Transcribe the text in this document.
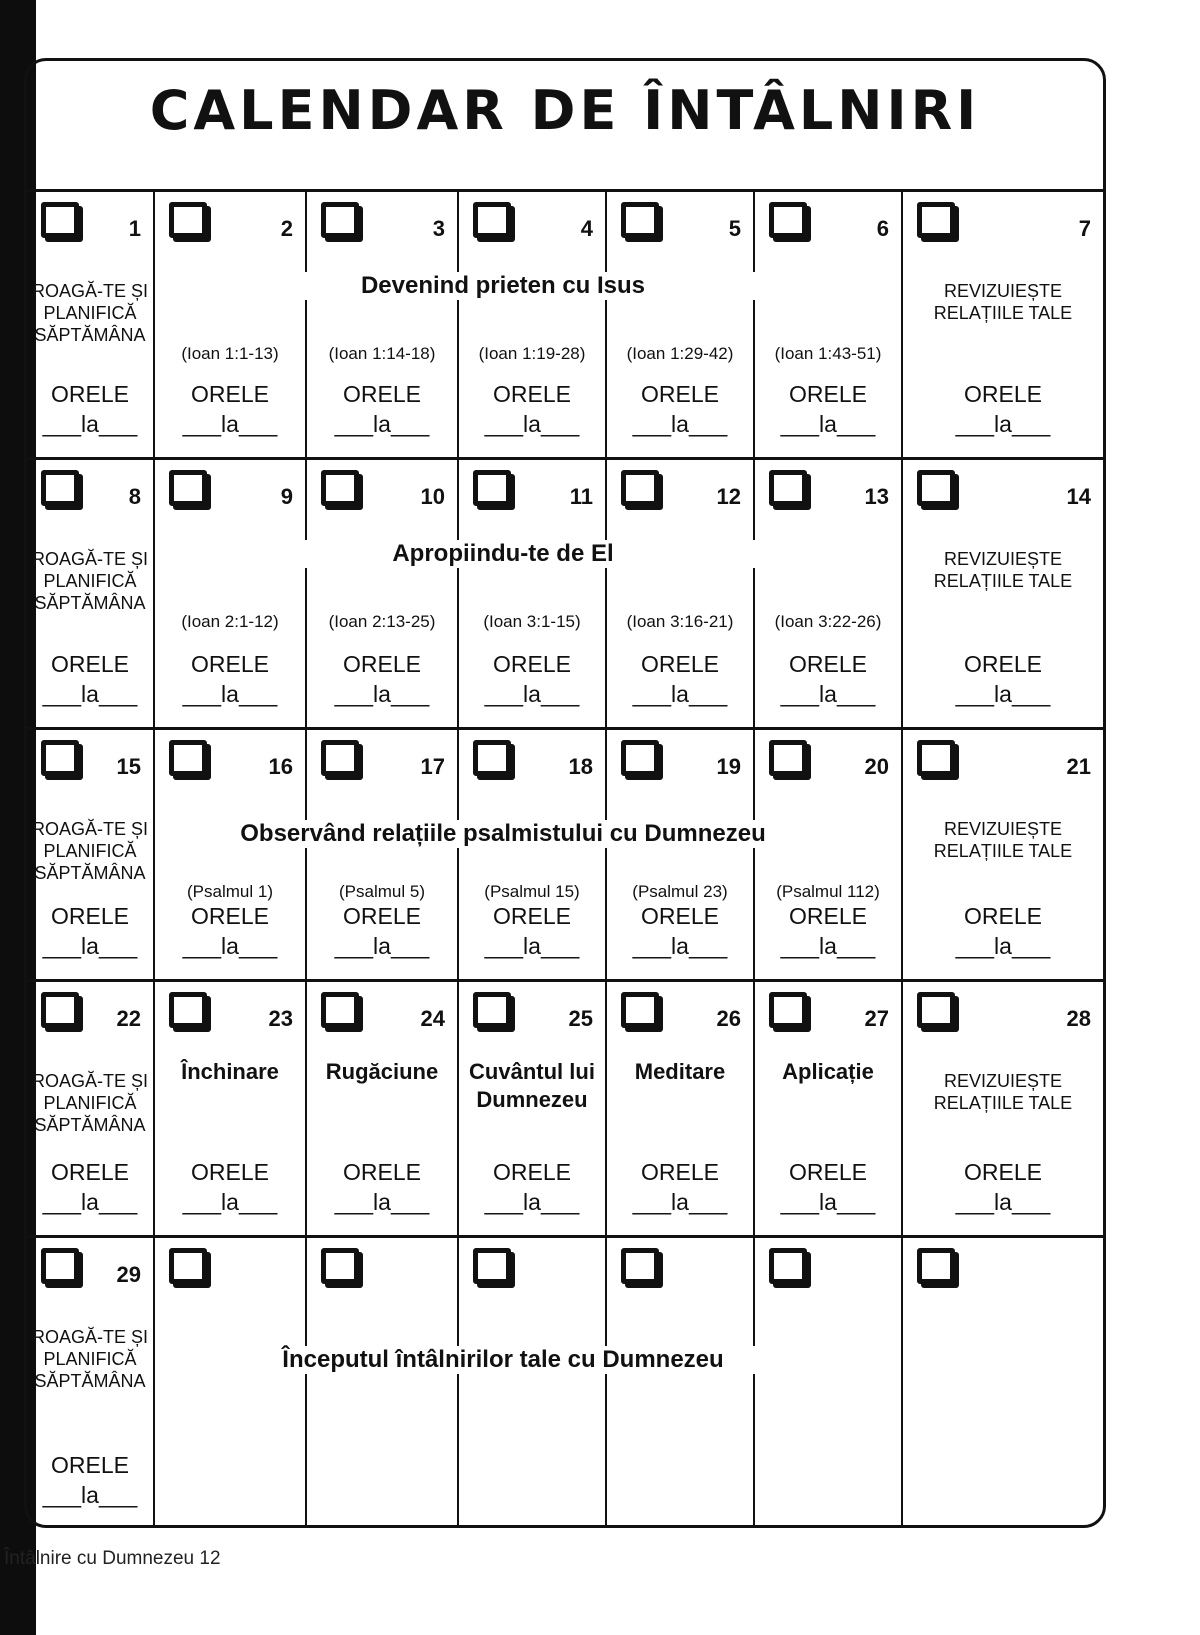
CALENDAR DE ÎNTÂLNIRI
1
ROAGĂ-TE ȘI PLANIFICĂ SĂPTĂMÂNA
ORELE
___la___
2
(Ioan 1:1-13)
ORELE
___la___
3
(Ioan 1:14-18)
ORELE
___la___
4
(Ioan 1:19-28)
ORELE
___la___
5
(Ioan 1:29-42)
ORELE
___la___
6
(Ioan 1:43-51)
ORELE
___la___
7
REVIZUIEȘTE RELAȚIILE TALE
ORELE
___la___
Devenind prieten cu Isus
8
ROAGĂ-TE ȘI PLANIFICĂ SĂPTĂMÂNA
ORELE
___la___
9
(Ioan 2:1-12)
ORELE
___la___
10
(Ioan 2:13-25)
ORELE
___la___
11
(Ioan 3:1-15)
ORELE
___la___
12
(Ioan 3:16-21)
ORELE
___la___
13
(Ioan 3:22-26)
ORELE
___la___
14
REVIZUIEȘTE RELAȚIILE TALE
ORELE
___la___
Apropiindu-te de El
15
ROAGĂ-TE ȘI PLANIFICĂ SĂPTĂMÂNA
ORELE
___la___
16
(Psalmul 1)
ORELE
___la___
17
(Psalmul 5)
ORELE
___la___
18
(Psalmul 15)
ORELE
___la___
19
(Psalmul 23)
ORELE
___la___
20
(Psalmul 112)
ORELE
___la___
21
REVIZUIEȘTE RELAȚIILE TALE
ORELE
___la___
Observând relațiile psalmistului cu Dumnezeu
22
ROAGĂ-TE ȘI PLANIFICĂ SĂPTĂMÂNA
ORELE
___la___
23
Închinare
ORELE
___la___
24
Rugăciune
ORELE
___la___
25
Cuvântul lui Dumnezeu
ORELE
___la___
26
Meditare
ORELE
___la___
27
Aplicație
ORELE
___la___
28
REVIZUIEȘTE RELAȚIILE TALE
ORELE
___la___
29
ROAGĂ-TE ȘI PLANIFICĂ SĂPTĂMÂNA
ORELE
___la___
Începutul întâlnirilor tale cu Dumnezeu
Întâlnire cu Dumnezeu 12
